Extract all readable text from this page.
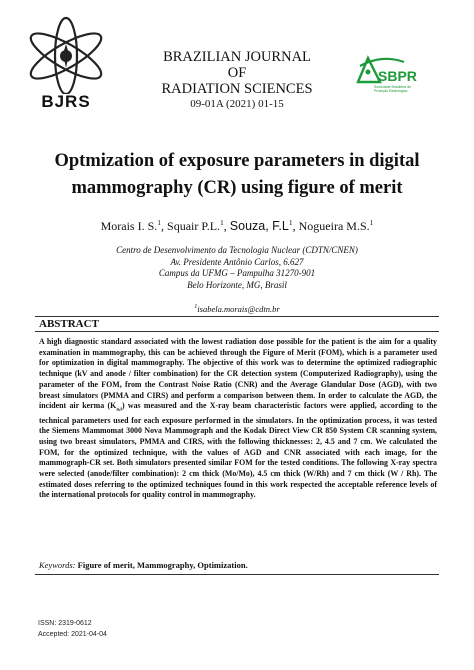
BJRS
BRAZILIAN JOURNAL
OF
RADIATION SCIENCES
09-01A (2021) 01-15
SBPR
Sociedade Brasileira de Proteção Radiológica
Optmization of exposure parameters in digital
mammography (CR) using figure of merit
Morais I. S.$^1$, Squair P.L.$^1$, Souza, $F.L^1$, Nogueira M.S.$^1$
Centro de Desenvolvimento da Tecnologia Nuclear (CDTN/CNEN)
Av. Presidente Antônio Carlos, 6.627
Campus da UFMG – Pampulha 31270-901
Belo Horizonte, MG, Brasil
$^1$isabela.morais@cdtn.br
ABSTRACT
A high diagnostic standard associated with the lowest radiation dose possible for the patient is the aim for a quality examination in mammography, this can be achieved through the Figure of Merit (FOM), which is a parameter used for optimization in digital mammography. The objective of this work was to determine the optimized radiographic technique (kV and anode / filter combination) for the CR detection system (Computerized Radiography), using the parameter of the FOM, from the Contrast Noise Ratio (CNR) and the Average Glandular Dose (AGD), with two breast simulators (PMMA and CIRS) and perform a comparison between them. In order to calculate the AGD, the incident air kerma $(K_{a,i})$ was measured and the X-ray beam characteristic factors were applied, according to the technical parameters used for each exposure performed in the simulators. In the optimization process, it was tested the Siemens Mammomat 3000 Nova Mammograph and the Kodak Direct View CR 850 System CR scanning system, using two breast simulators, PMMA and CIRS, with the following thicknesses: 2, 4.5 and 7 cm. We calculated the FOM, for the optimized technique, with the values of AGD and CNR associated with each image, for the mammograph-CR set. Both simulators presented similar FOM for the tested conditions. The following X-ray spectra were selected (anode/filter combination): 2 cm thick (Mo/Mo), 4.5 cm thick (W/Rh) and 7 cm thick (W / Rh). The estimated doses referring to the optimized techniques found in this work respected the acceptable reference levels of the international protocols for quality control in mammography.
Keywords: Figure of merit, Mammography, Optimization.
ISSN: 2319-0612
Accepted: 2021-04-04
